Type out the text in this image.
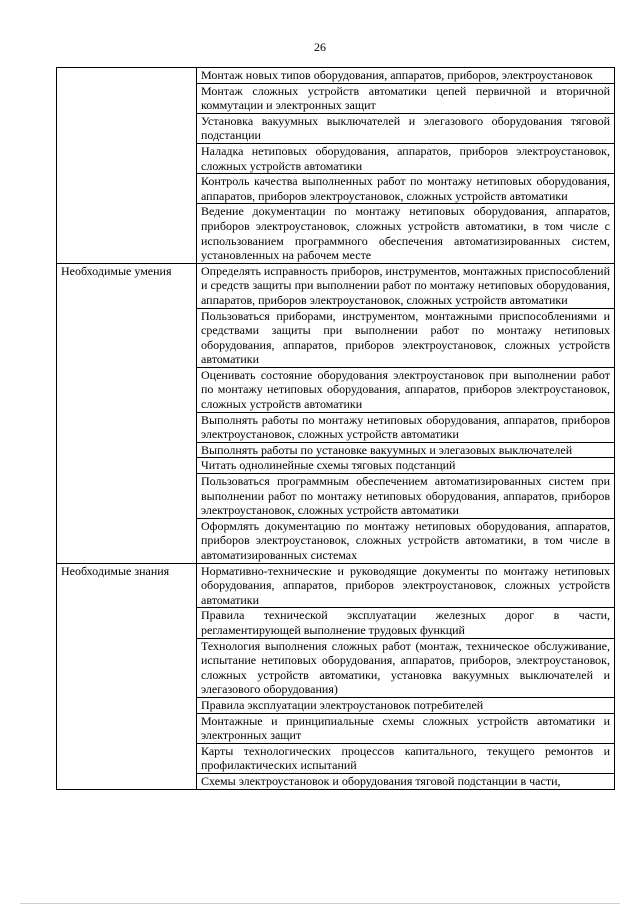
26
	Монтаж новых типов оборудования, аппаратов, приборов, электроустановок
	Монтаж сложных устройств автоматики цепей первичной и вторичной коммутации и электронных защит
	Установка вакуумных выключателей и элегазового оборудования тяговой подстанции
	Наладка нетиповых оборудования, аппаратов, приборов электроустановок, сложных устройств автоматики
	Контроль качества выполненных работ по монтажу нетиповых оборудования, аппаратов, приборов электроустановок, сложных устройств автоматики
	Ведение документации по монтажу нетиповых оборудования, аппаратов, приборов электроустановок, сложных устройств автоматики, в том числе с использованием программного обеспечения автоматизированных систем, установленных на рабочем месте
Необходимые умения	Определять исправность приборов, инструментов, монтажных приспособлений и средств защиты при выполнении работ по монтажу нетиповых оборудования, аппаратов, приборов электроустановок, сложных устройств автоматики
	Пользоваться приборами, инструментом, монтажными приспособлениями и средствами защиты при выполнении работ по монтажу нетиповых оборудования, аппаратов, приборов электроустановок, сложных устройств автоматики
	Оценивать состояние оборудования электроустановок при выполнении работ по монтажу нетиповых оборудования, аппаратов, приборов электроустановок, сложных устройств автоматики
	Выполнять работы по монтажу нетиповых оборудования, аппаратов, приборов электроустановок, сложных устройств автоматики
	Выполнять работы по установке вакуумных и элегазовых выключателей
	Читать однолинейные схемы тяговых подстанций
	Пользоваться программным обеспечением автоматизированных систем при выполнении работ по монтажу нетиповых оборудования, аппаратов, приборов электроустановок, сложных устройств автоматики
	Оформлять документацию по монтажу нетиповых оборудования, аппаратов, приборов электроустановок, сложных устройств автоматики, в том числе в автоматизированных системах
Необходимые знания	Нормативно-технические и руководящие документы по монтажу нетиповых оборудования, аппаратов, приборов электроустановок, сложных устройств автоматики
	Правила технической эксплуатации железных дорог в части, регламентирующей выполнение трудовых функций
	Технология выполнения сложных работ (монтаж, техническое обслуживание, испытание нетиповых оборудования, аппаратов, приборов, электроустановок, сложных устройств автоматики, установка вакуумных выключателей и элегазового оборудования)
	Правила эксплуатации электроустановок потребителей
	Монтажные и принципиальные схемы сложных устройств автоматики и электронных защит
	Карты технологических процессов капитального, текущего ремонтов и профилактических испытаний
	Схемы электроустановок и оборудования тяговой подстанции в части,
